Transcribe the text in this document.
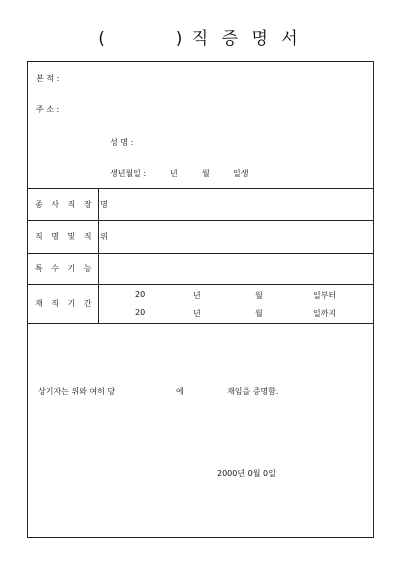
(	) 직 증 명 서
본 적 :
주 소 :
성 명 :
생년월일 :	년	월	일생
종 사 직 장 명
직 명 및 직 위
특 수 기 능
재 직 기 간
20	년	월	일부터
20	년	월	일까지
상기자는 위와 여히 당	에	재임을 증명함.
2000년 0월 0일
